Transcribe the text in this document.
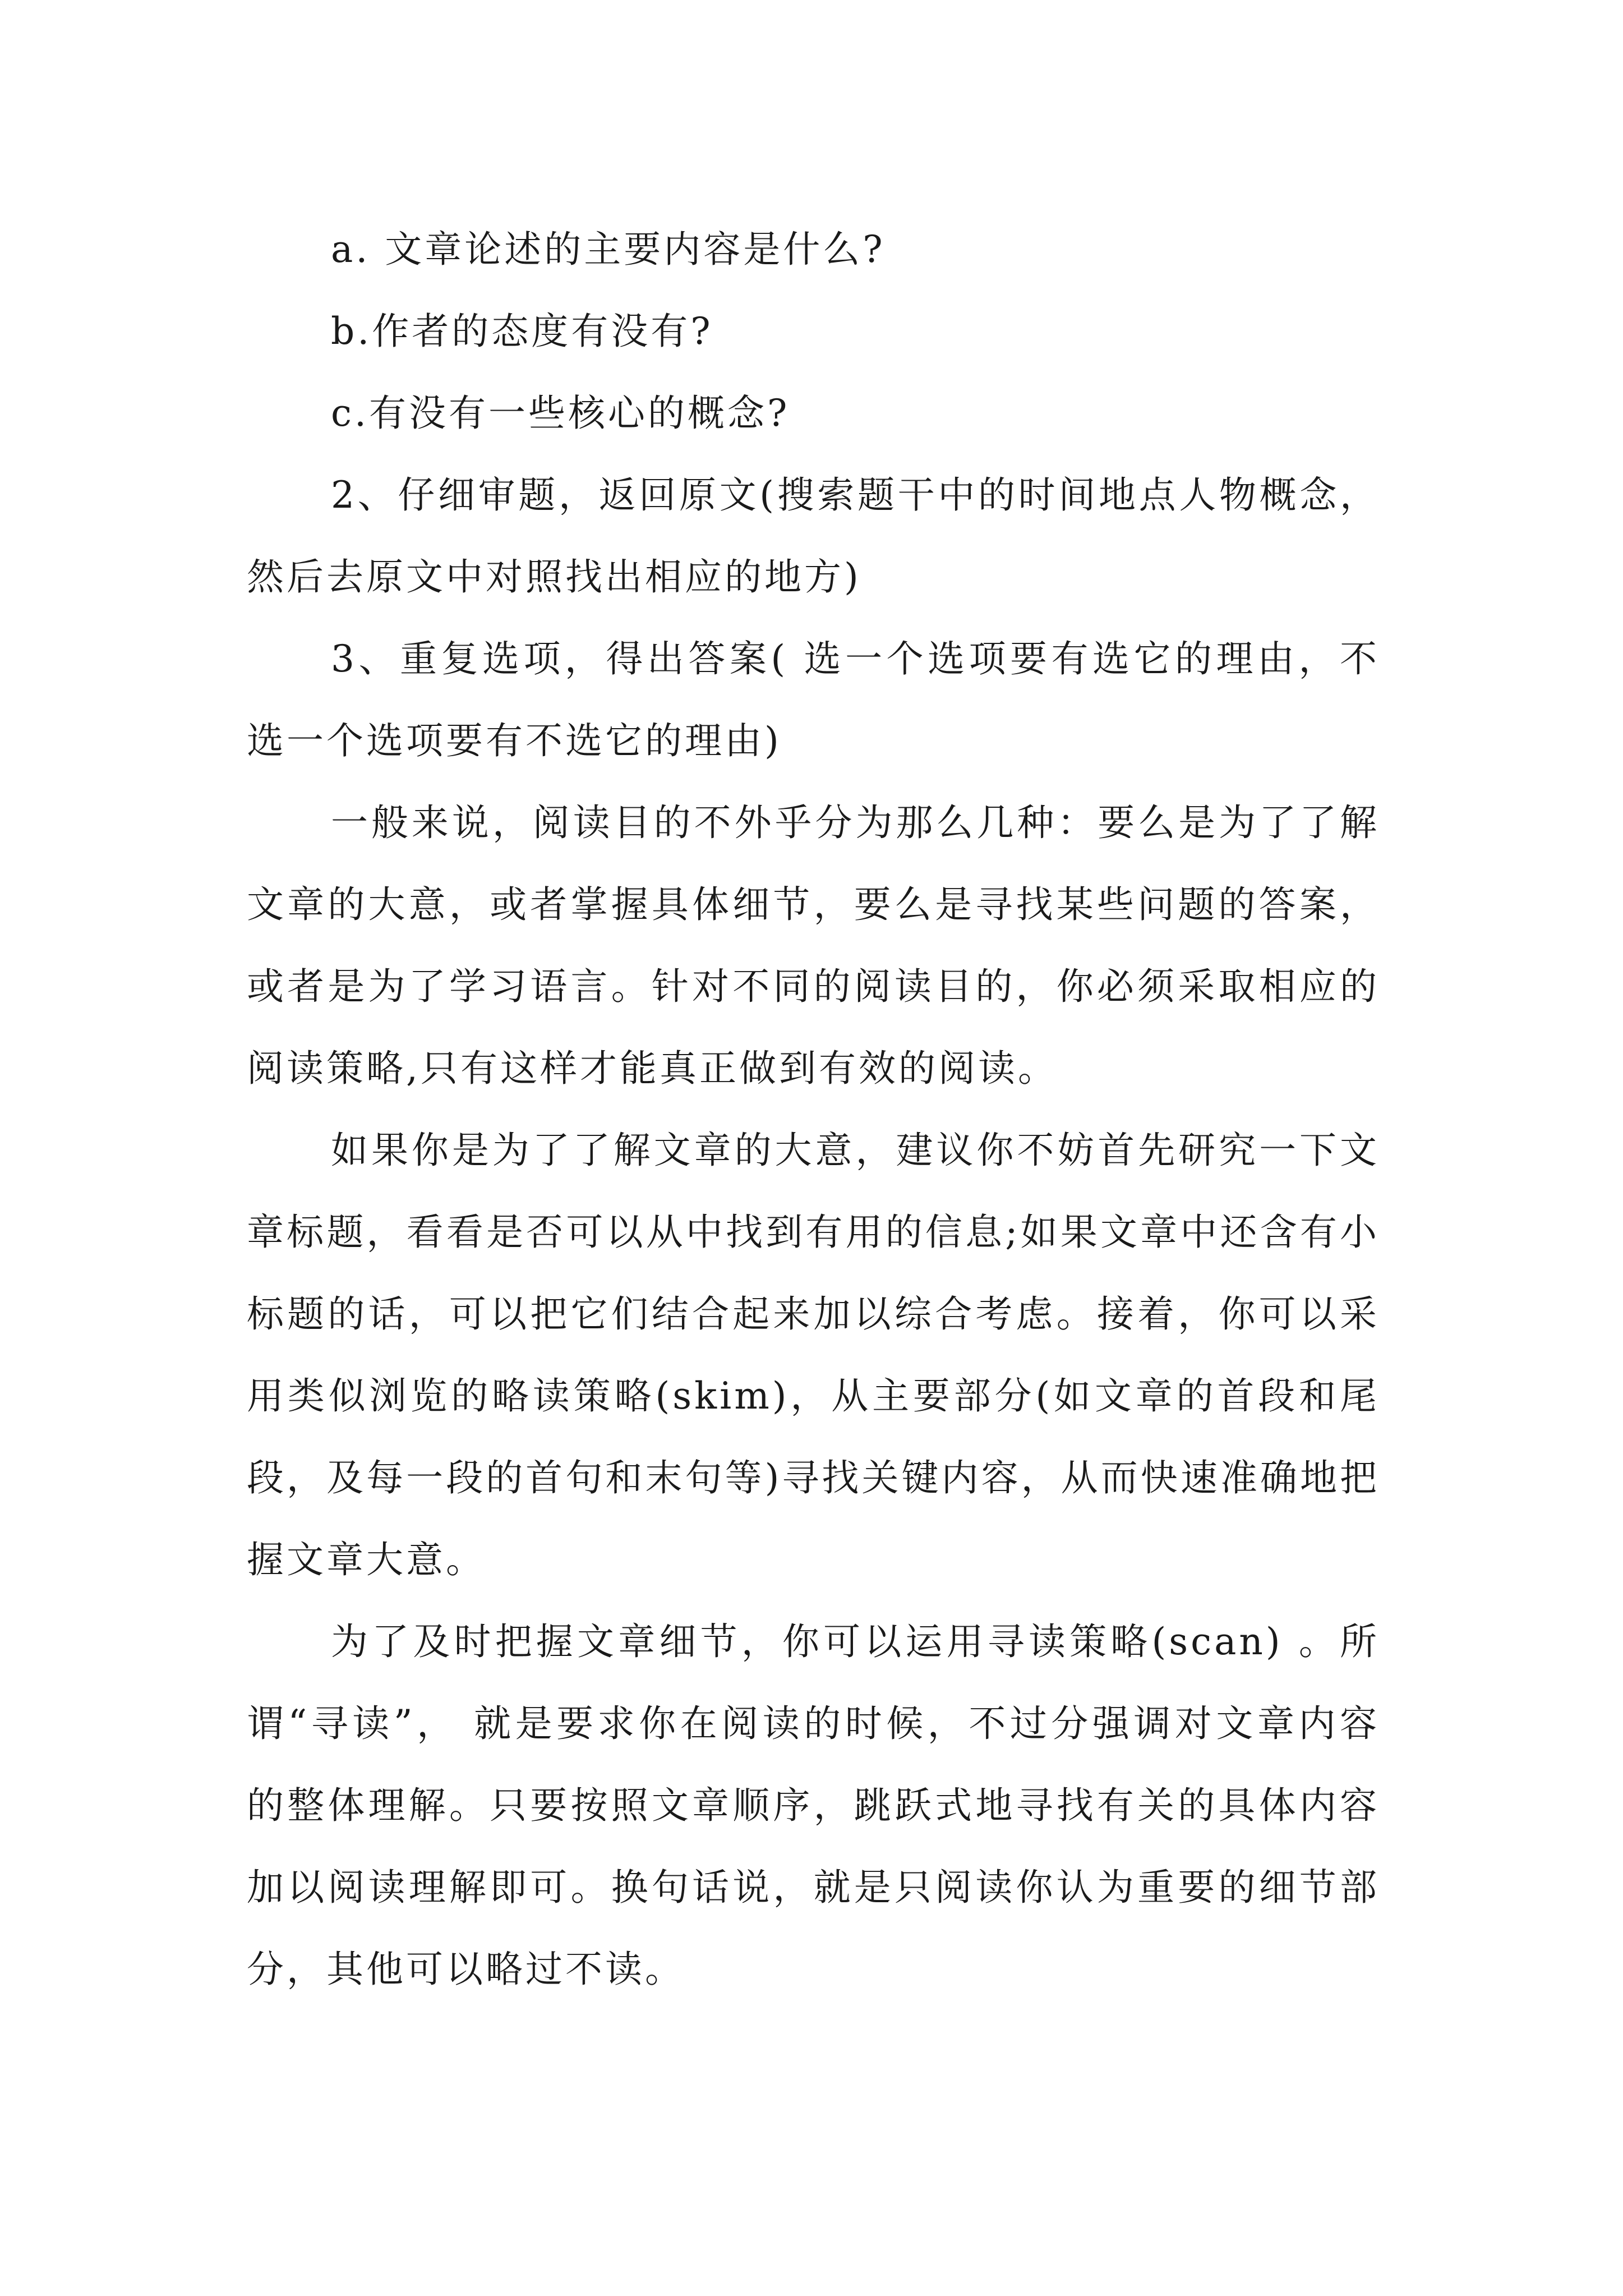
a. 文章论述的主要内容是什么?

b.作者的态度有没有?

c.有没有一些核心的概念?

2、仔细审题，返回原文(搜索题干中的时间地点人物概念，然后去原文中对照找出相应的地方)

3、重复选项，得出答案( 选一个选项要有选它的理由，不选一个选项要有不选它的理由)

一般来说，阅读目的不外乎分为那么几种：要么是为了了解文章的大意，或者掌握具体细节，要么是寻找某些问题的答案，或者是为了学习语言。针对不同的阅读目的，你必须采取相应的阅读策略,只有这样才能真正做到有效的阅读。

如果你是为了了解文章的大意，建议你不妨首先研究一下文章标题，看看是否可以从中找到有用的信息;如果文章中还含有小标题的话，可以把它们结合起来加以综合考虑。接着，你可以采用类似浏览的略读策略(skim)，从主要部分(如文章的首段和尾段，及每一段的首句和末句等)寻找关键内容，从而快速准确地把握文章大意。

为了及时把握文章细节，你可以运用寻读策略(scan) 。所谓“寻读”， 就是要求你在阅读的时候，不过分强调对文章内容的整体理解。只要按照文章顺序，跳跃式地寻找有关的具体内容加以阅读理解即可。换句话说，就是只阅读你认为重要的细节部分，其他可以略过不读。
